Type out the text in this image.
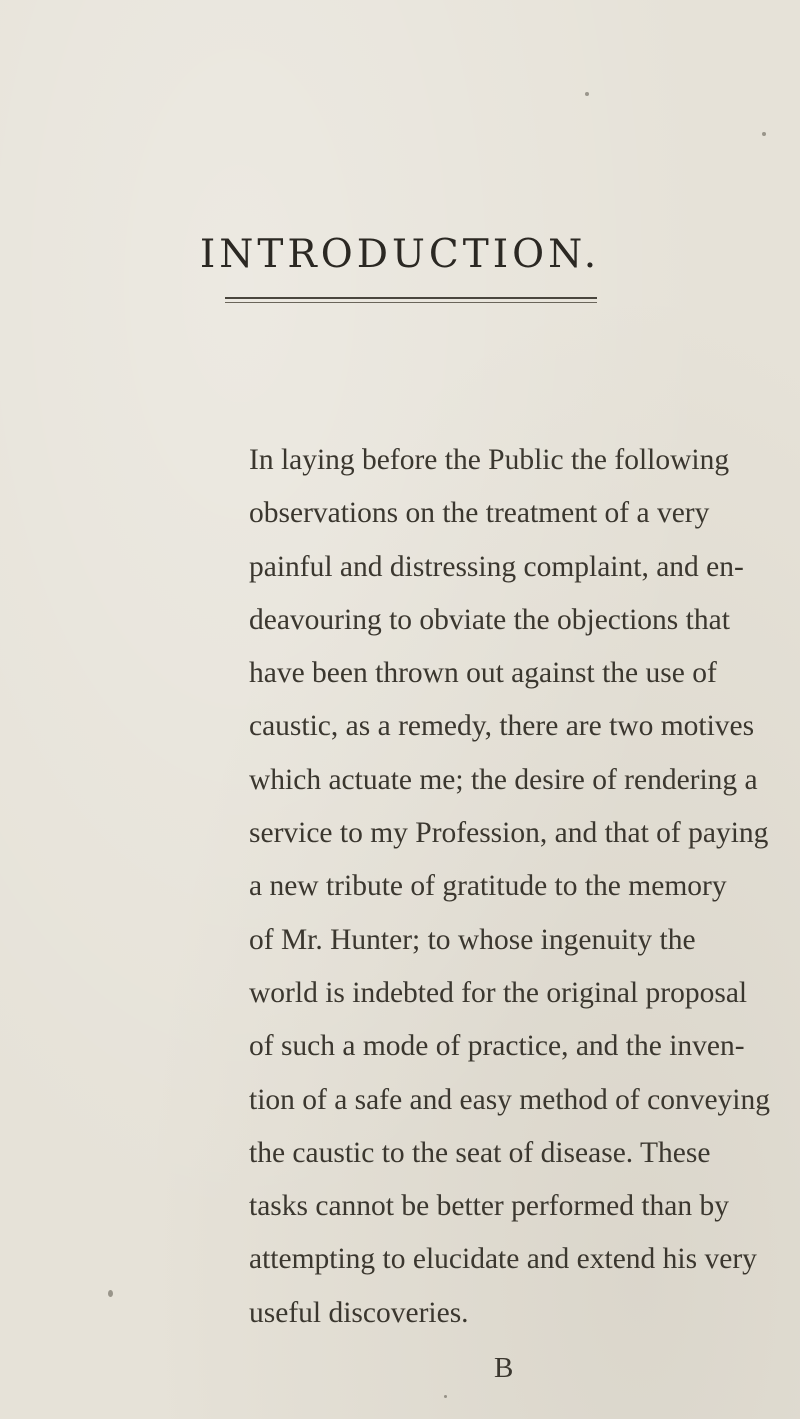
INTRODUCTION.
In laying before the Public the following
observations on the treatment of a very
painful and distressing complaint, and en-
deavouring to obviate the objections that
have been thrown out against the use of
caustic, as a remedy, there are two motives
which actuate me; the desire of rendering a
service to my Profession, and that of paying
a new tribute of gratitude to the memory
of Mr. Hunter; to whose ingenuity the
world is indebted for the original proposal
of such a mode of practice, and the inven-
tion of a safe and easy method of conveying
the caustic to the seat of disease. These
tasks cannot be better performed than by
attempting to elucidate and extend his very
useful discoveries.
B
